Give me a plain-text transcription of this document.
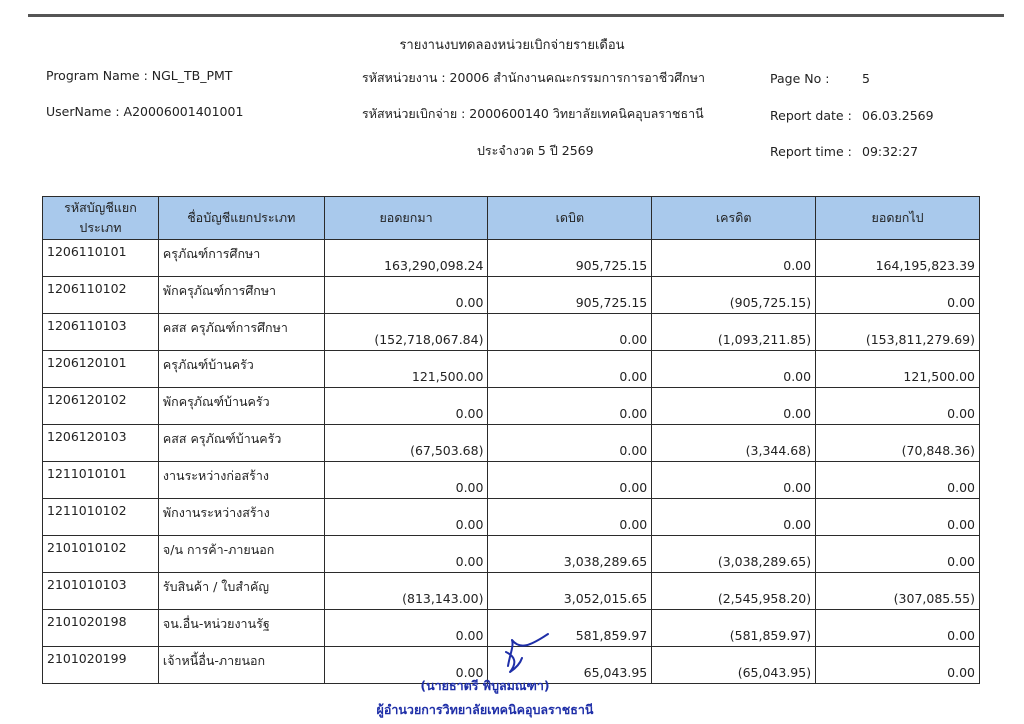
รายงานงบทดลองหน่วยเบิกจ่ายรายเดือน
Program Name : NGL_TB_PMT
UserName : A20006001401001
รหัสหน่วยงาน : 20006 สำนักงานคณะกรรมการการอาชีวศึกษา
รหัสหน่วยเบิกจ่าย : 2000600140 วิทยาลัยเทคนิคอุบลราชธานี
ประจำงวด 5 ปี 2569
Page No :	5
Report date : 06.03.2569
Report time : 09:32:27
รหัสบัญชีแยกประเภท	ชื่อบัญชีแยกประเภท	ยอดยกมา	เดบิต	เครดิต	ยอดยกไป
1206110101	ครุภัณฑ์การศึกษา	163,290,098.24	905,725.15	0.00	164,195,823.39
1206110102	พักครุภัณฑ์การศึกษา	0.00	905,725.15	(905,725.15)	0.00
1206110103	คสส ครุภัณฑ์การศึกษา	(152,718,067.84)	0.00	(1,093,211.85)	(153,811,279.69)
1206120101	ครุภัณฑ์บ้านครัว	121,500.00	0.00	0.00	121,500.00
1206120102	พักครุภัณฑ์บ้านครัว	0.00	0.00	0.00	0.00
1206120103	คสส ครุภัณฑ์บ้านครัว	(67,503.68)	0.00	(3,344.68)	(70,848.36)
1211010101	งานระหว่างก่อสร้าง	0.00	0.00	0.00	0.00
1211010102	พักงานระหว่างสร้าง	0.00	0.00	0.00	0.00
2101010102	จ/น การค้า-ภายนอก	0.00	3,038,289.65	(3,038,289.65)	0.00
2101010103	รับสินค้า / ใบสำคัญ	(813,143.00)	3,052,015.65	(2,545,958.20)	(307,085.55)
2101020198	จน.อื่น-หน่วยงานรัฐ	0.00	581,859.97	(581,859.97)	0.00
2101020199	เจ้าหนี้อื่น-ภายนอก	0.00	65,043.95	(65,043.95)	0.00
(นายธาตรี พิบูลมณฑา)
ผู้อำนวยการวิทยาลัยเทคนิคอุบลราชธานี
